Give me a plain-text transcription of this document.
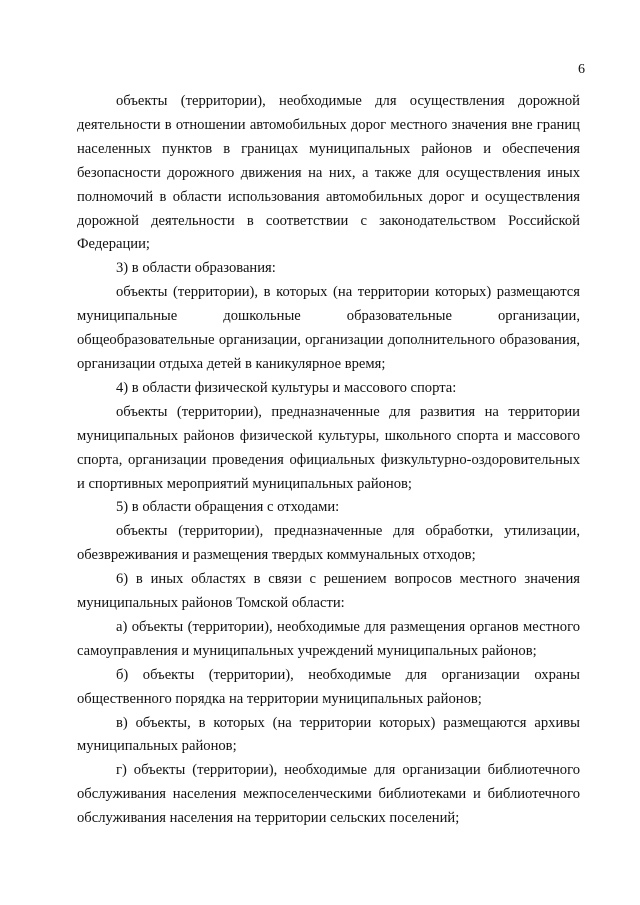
6

объекты (территории), необходимые для осуществления дорожной деятельности в отношении автомобильных дорог местного значения вне границ населенных пунктов в границах муниципальных районов и обеспечения безопасности дорожного движения на них, а также для осуществления иных полномочий в области использования автомобильных дорог и осуществления дорожной деятельности в соответствии с законодательством Российской Федерации;

3) в области образования:

объекты (территории), в которых (на территории которых) размещаются муниципальные дошкольные образовательные организации, общеобразовательные организации, организации дополнительного образования, организации отдыха детей в каникулярное время;

4) в области физической культуры и массового спорта:

объекты (территории), предназначенные для развития на территории муниципальных районов физической культуры, школьного спорта и массового спорта, организации проведения официальных физкультурно-оздоровительных и спортивных мероприятий муниципальных районов;

5) в области обращения с отходами:

объекты (территории), предназначенные для обработки, утилизации, обезвреживания и размещения твердых коммунальных отходов;

6) в иных областях в связи с решением вопросов местного значения муниципальных районов Томской области:

а) объекты (территории), необходимые для размещения органов местного самоуправления и муниципальных учреждений муниципальных районов;

б) объекты (территории), необходимые для организации охраны общественного порядка на территории муниципальных районов;

в) объекты, в которых (на территории которых) размещаются архивы муниципальных районов;

г) объекты (территории), необходимые для организации библиотечного обслуживания населения межпоселенческими библиотеками и библиотечного обслуживания населения на территории сельских поселений;
